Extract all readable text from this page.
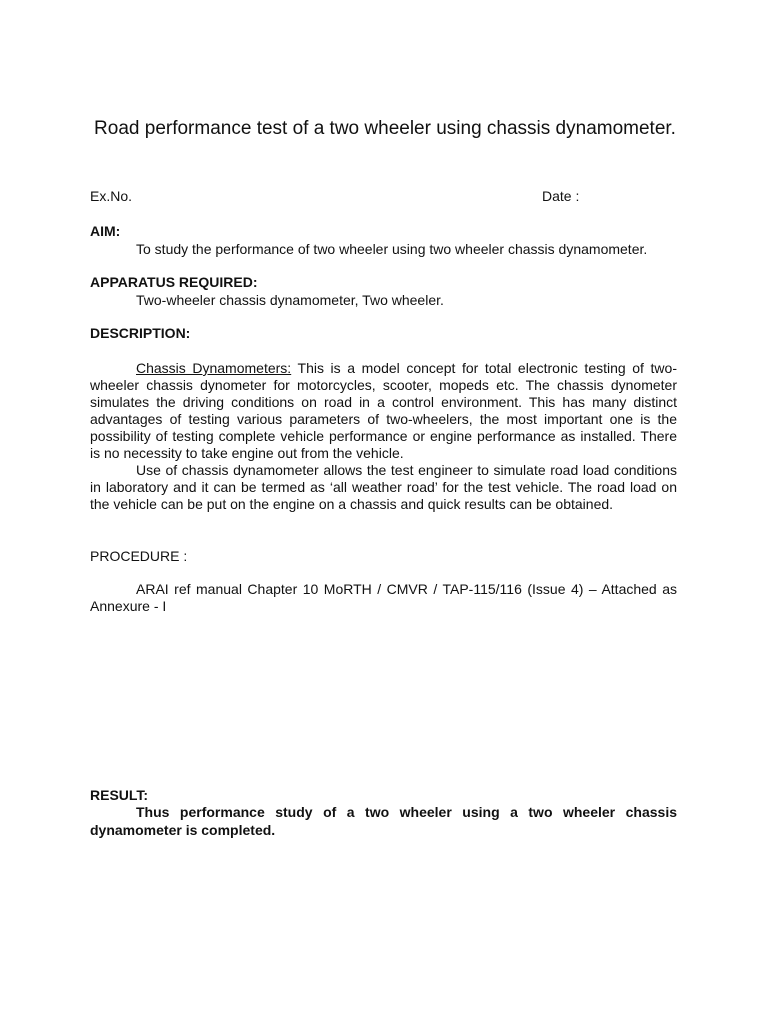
Road performance test of a two wheeler using chassis dynamometer.
Ex.No.	Date :
AIM:
To study the performance of two wheeler using two wheeler chassis dynamometer.
APPARATUS REQUIRED:
Two-wheeler chassis dynamometer, Two wheeler.
DESCRIPTION:

Chassis Dynamometers: This is a model concept for total electronic testing of two-wheeler chassis dynometer for motorcycles, scooter, mopeds etc. The chassis dynometer simulates the driving conditions on road in a control environment. This has many distinct advantages of testing various parameters of two-wheelers, the most important one is the possibility of testing complete vehicle performance or engine performance as installed. There is no necessity to take engine out from the vehicle.

Use of chassis dynamometer allows the test engineer to simulate road load conditions in laboratory and it can be termed as ‘all weather road’ for the test vehicle. The road load on the vehicle can be put on the engine on a chassis and quick results can be obtained.

PROCEDURE :

ARAI ref manual Chapter 10 MoRTH / CMVR / TAP-115/116 (Issue 4) – Attached as Annexure - I

RESULT:

Thus performance study of a two wheeler using a two wheeler chassis dynamometer is completed.
